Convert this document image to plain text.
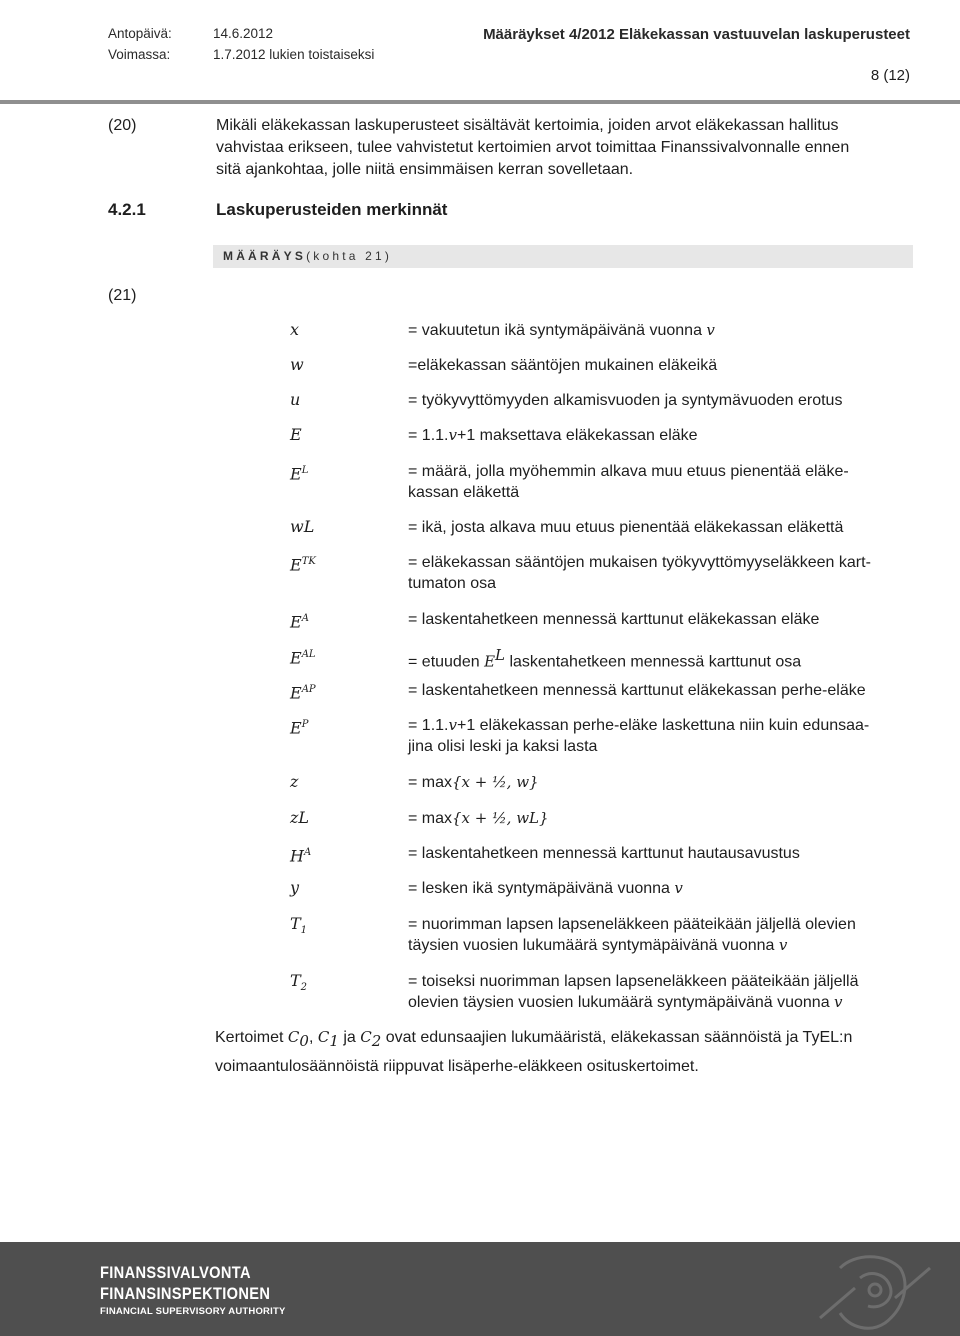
Antopäivä:	14.6.2012	Määräykset 4/2012 Eläkekassan vastuuvelan laskuperusteet
Voimassa:	1.7.2012 lukien toistaiseksi
8 (12)
(20)	Mikäli eläkekassan laskuperusteet sisältävät kertoimia, joiden arvot eläkekassan hallitus
vahvistaa erikseen, tulee vahvistetut kertoimien arvot toimittaa Finanssivalvonnalle ennen
sitä ajankohtaa, jolle niitä ensimmäisen kerran sovelletaan.
4.2.1	Laskuperusteiden merkinnät
MÄÄRÄYS(kohta 21)
(21)
x	= vakuutetun ikä syntymäpäivänä vuonna v
w	=eläkekassan sääntöjen mukainen eläkeikä
u	= työkyvyttömyyden alkamisvuoden ja syntymävuoden erotus
E	= 1.1.v+1 maksettava eläkekassan eläke
$E^L$	= määrä, jolla myöhemmin alkava muu etuus pienentää eläke-
kassan eläkettä
wL	= ikä, josta alkava muu etuus pienentää eläkekassan eläkettä
$E^{TK}$	= eläkekassan sääntöjen mukaisen työkyvyttömyyseläkkeen kart-
tumaton osa
$E^A$	= laskentahetkeen mennessä karttunut eläkekassan eläke
$E^{AL}$	= etuuden $E^L$ laskentahetkeen mennessä karttunut osa
$E^{AP}$	= laskentahetkeen mennessä karttunut eläkekassan perhe-eläke
$E^P$	= 1.1.v+1 eläkekassan perhe-eläke laskettuna niin kuin edunsaa-
jina olisi leski ja kaksi lasta
z	= max{x + ½, w}
zL	= max{x + ½, wL}
$H^A$	= laskentahetkeen mennessä karttunut hautausavustus
y	= lesken ikä syntymäpäivänä vuonna v
$T_1$	= nuorimman lapsen lapseneläkkeen pääteikään jäljellä olevien
täysien vuosien lukumäärä syntymäpäivänä vuonna v
$T_2$	= toiseksi nuorimman lapsen lapseneläkkeen pääteikään jäljellä
olevien täysien vuosien lukumäärä syntymäpäivänä vuonna v
Kertoimet $C_0$, $C_1$ ja $C_2$ ovat edunsaajien lukumääristä, eläkekassan säännöistä ja TyEL:n voimaantulosäännöistä riippuvat lisäperhe-eläkkeen osituskertoimet.
FINANSSIVALVONTA
FINANSINSPEKTIONEN
FINANCIAL SUPERVISORY AUTHORITY
